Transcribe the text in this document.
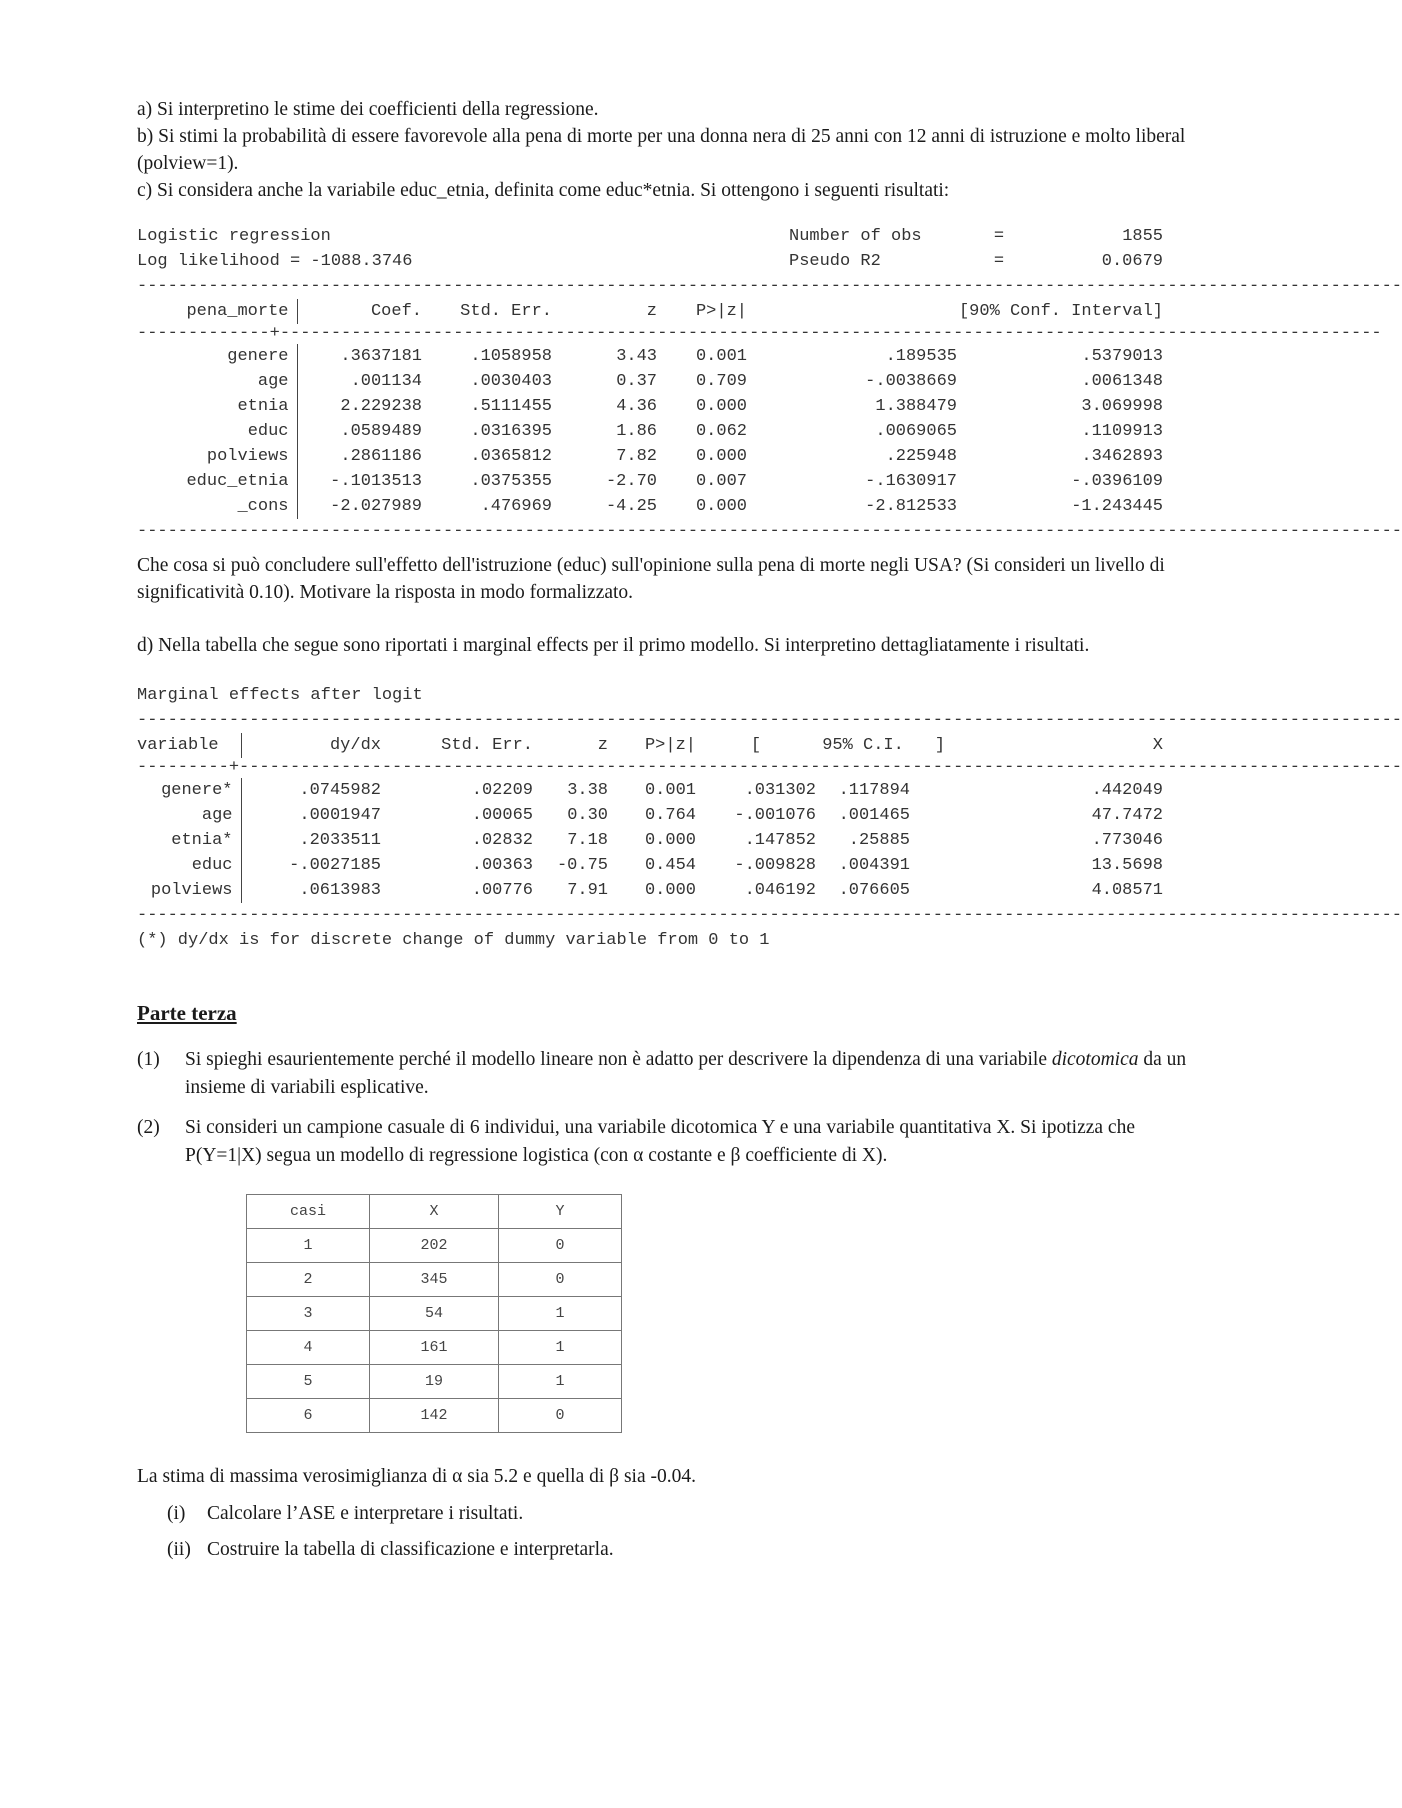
a) Si interpretino le stime dei coefficienti della regressione.

b) Si stimi la probabilità di essere favorevole alla pena di morte per una donna nera di 25 anni con 12 anni di istruzione e molto liberal (polview=1).

c) Si considera anche la variabile educ_etnia, definita come educ*etnia. Si ottengono i seguenti risultati:

Logistic regression
Log likelihood = -1088.3746
Number of obs	=	1855
Pseudo R2	=	0.0679
----------------------------------------------------------------------------------------------------------------------------
pena_morte	Coef.	Std. Err.	z	P>|z|	[90% Conf. Interval]	

-------------+------------------------------------------------------------------------------------------------------------						

genere	.3637181	.1058958	3.43	0.001	.189535	.5379013
age	.001134	.0030403	0.37	0.709	-.0038669	.0061348
etnia	2.229238	.5111455	4.36	0.000	1.388479	3.069998
educ	.0589489	.0316395	1.86	0.062	.0069065	.1109913
polviews	.2861186	.0365812	7.82	0.000	.225948	.3462893
educ_etnia	-.1013513	.0375355	-2.70	0.007	-.1630917	-.0396109
_cons	-2.027989	.476969	-4.25	0.000	-2.812533	-1.243445
----------------------------------------------------------------------------------------------------------------------------

Che cosa si può concludere sull'effetto dell'istruzione (educ) sull'opinione sulla pena di morte negli USA? (Si consideri un livello di significatività 0.10). Motivare la risposta in modo formalizzato.

d) Nella tabella che segue sono riportati i marginal effects per il primo modello. Si interpretino dettagliatamente i risultati.

Marginal effects after logit
----------------------------------------------------------------------------------------------------------------------------
variable	dy/dx	Std. Err.	z	P>|z|	[	95% C.I.	]	X

---------+------------------------------------------------------------------------------------------------------------------								

genere*	.0745982	.02209	3.38	0.001	.031302	.117894		.442049
age	.0001947	.00065	0.30	0.764	-.001076	.001465		47.7472
etnia*	.2033511	.02832	7.18	0.000	.147852	.25885		.773046
educ	-.0027185	.00363	-0.75	0.454	-.009828	.004391		13.5698
polviews	.0613983	.00776	7.91	0.000	.046192	.076605		4.08571
----------------------------------------------------------------------------------------------------------------------------
(*) dy/dx is for discrete change of dummy variable from 0 to 1

Parte terza

(1)	Si spieghi esaurientemente perché il modello lineare non è adatto per descrivere la dipendenza di una variabile dicotomica da un insieme di variabili esplicative.
(2)	Si consideri un campione casuale di 6 individui, una variabile dicotomica Y e una variabile quantitativa X. Si ipotizza che P(Y=1|X) segua un modello di regressione logistica (con α costante e β coefficiente di X).
casi	X	Y
1	202	0
2	345	0
3	54	1
4	161	1
5	19	1
6	142	0

La stima di massima verosimiglianza di α sia 5.2 e quella di β sia -0.04.

(i)	Calcolare l’ASE e interpretare i risultati.
(ii) Costruire la tabella di classificazione e interpretarla.
